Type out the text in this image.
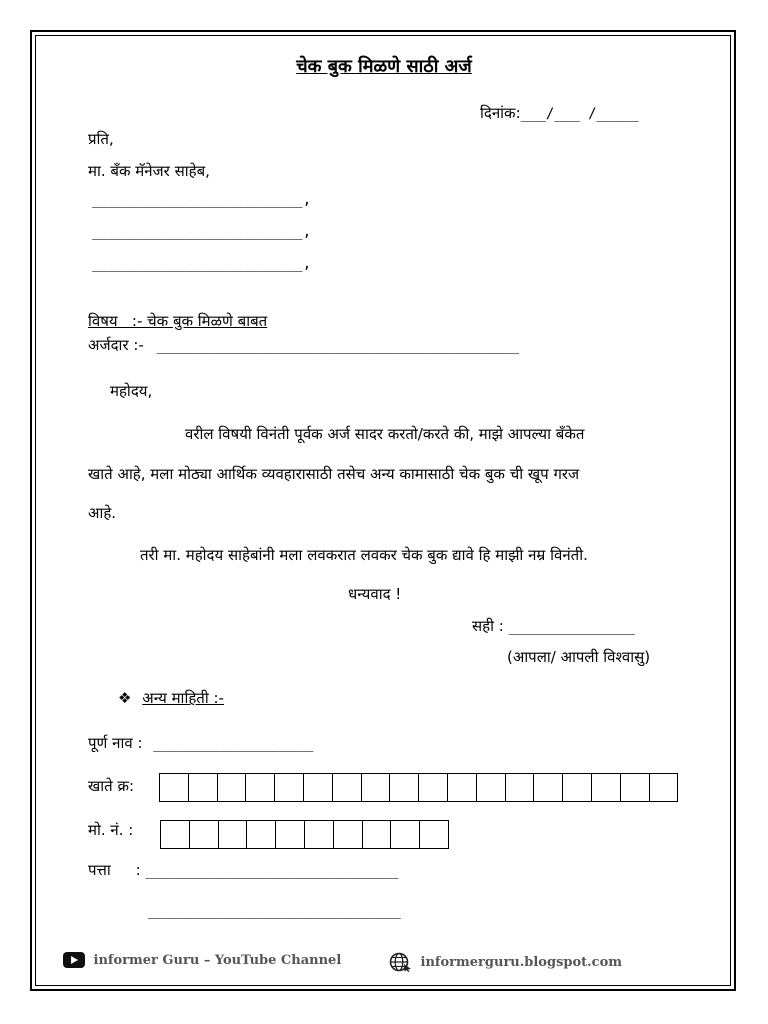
चेक बुक मिळणे साठी अर्ज
दिनांक:___/___ /_____
प्रति,
मा. बँक मॅनेजर साहेब,
_________________________,
_________________________,
_________________________,
विषय   :- चेक बुक मिळणे बाबत
अर्जदार :- ___________________________________________
महोदय,
वरील विषयी विनंती पूर्वक अर्ज सादर करतो/करते की, माझे आपल्या बँकेत
खाते आहे, मला मोठ्या आर्थिक व्यवहारासाठी तसेच अन्य कामासाठी चेक बुक ची खूप गरज
आहे.
तरी मा. महोदय साहेबांनी मला लवकरात लवकर चेक बुक द्यावे हि माझी नम्र विनंती.
धन्यवाद !
सही : _______________
(आपला/ आपली विश्वासु)
❖ अन्य माहिती :-
पूर्ण नाव : ___________________
खाते क्र:
मो. नं. :
पत्ता : ______________________________
______________________________
informer Guru – YouTube Channel	informerguru.blogspot.com
